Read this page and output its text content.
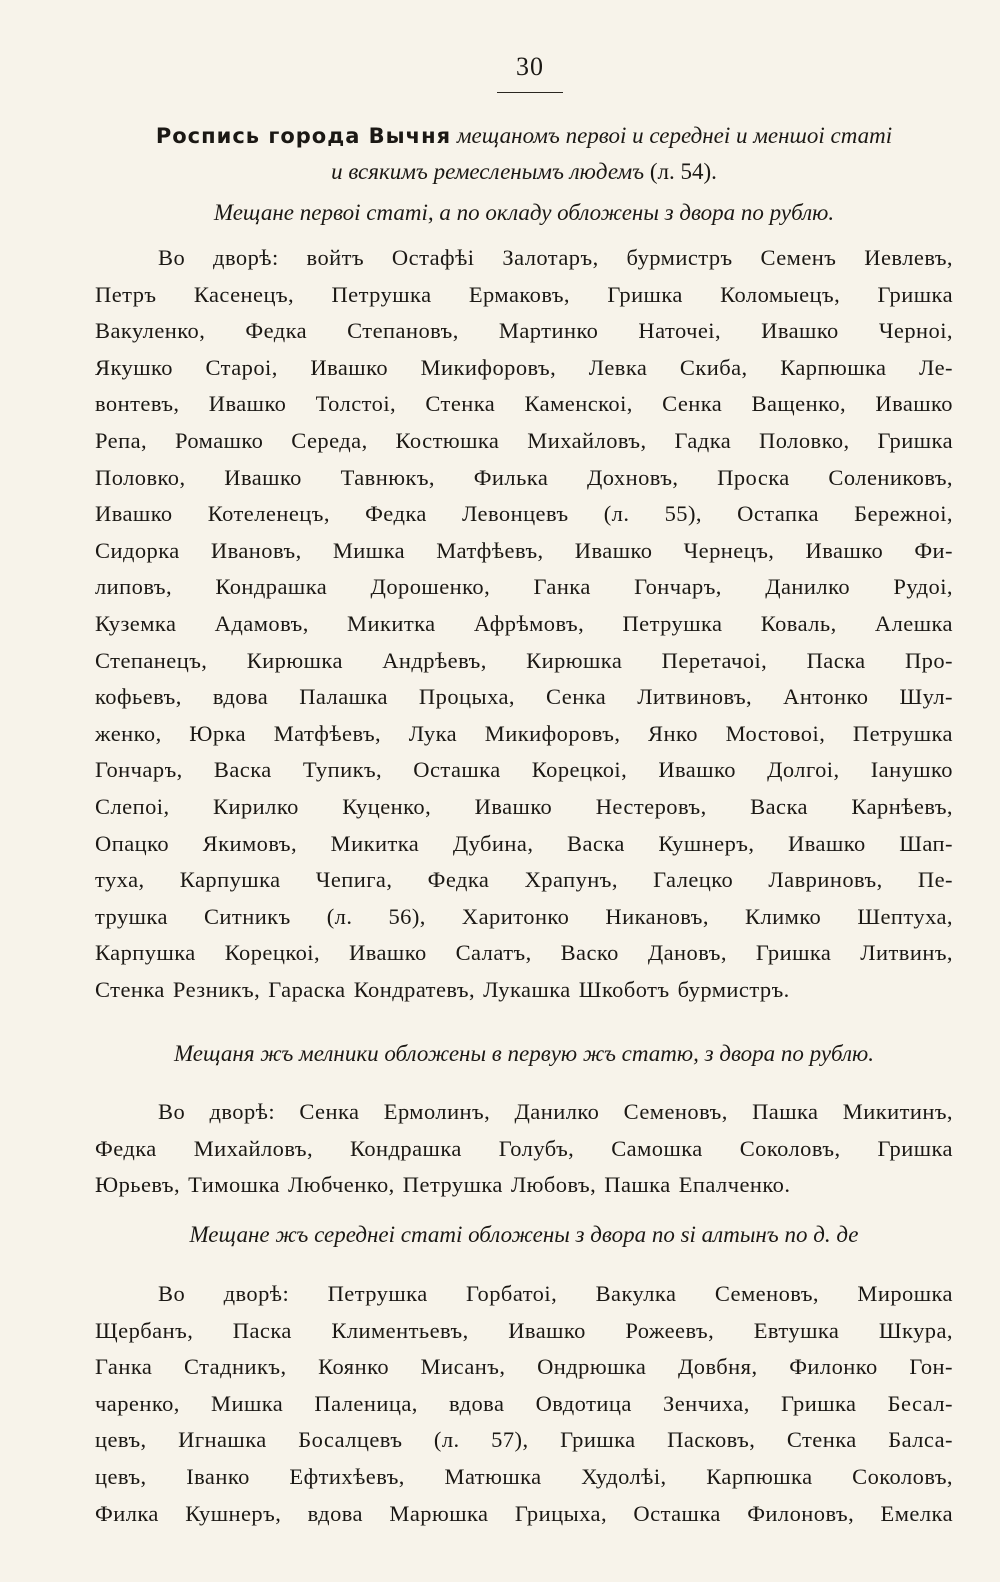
30
Роспись города Вычня мещаномъ первоі и середнеі и меншоі статі
и всякимъ ремесленымъ людемъ (л. 54).
Мещане первоі статі, а по окладу обложены з двора по рублю.
Во дворѣ: войтъ Остафѣі Залотаръ, бурмистръ Семенъ Иевлевъ,
Петръ Касенецъ, Петрушка Ермаковъ, Гришка Коломыецъ, Гришка
Вакуленко, Федка Степановъ, Мартинко Наточеі, Ивашко Черноі,
Якушко Староі, Ивашко Микифоровъ, Левка Скиба, Карпюшка Ле-
вонтевъ, Ивашко Толстоі, Стенка Каменскоі, Сенка Ващенко, Ивашко
Репа, Ромашко Середа, Костюшка Михайловъ, Гадка Половко, Гришка
Половко, Ивашко Тавнюкъ, Филька Дохновъ, Проска Солениковъ,
Ивашко Котеленецъ, Федка Левонцевъ (л. 55), Остапка Бережноі,
Сидорка Ивановъ, Мишка Матфѣевъ, Ивашко Чернецъ, Ивашко Фи-
липовъ, Кондрашка Дорошенко, Ганка Гончаръ, Данилко Рудоі,
Куземка Адамовъ, Микитка Афрѣмовъ, Петрушка Коваль, Алешка
Степанецъ, Кирюшка Андрѣевъ, Кирюшка Перетачоі, Паска Про-
кофьевъ, вдова Палашка Процыха, Сенка Литвиновъ, Антонко Шул-
женко, Юрка Матфѣевъ, Лука Микифоровъ, Янко Мостовоі, Петрушка
Гончаръ, Васка Тупикъ, Осташка Корецкоі, Ивашко Долгоі, Іанушко
Слепоі, Кирилко Куценко, Ивашко Нестеровъ, Васка Карнѣевъ,
Опацко Якимовъ, Микитка Дубина, Васка Кушнеръ, Ивашко Шап-
туха, Карпушка Чепига, Федка Храпунъ, Галецко Лавриновъ, Пе-
трушка Ситникъ (л. 56), Харитонко Никановъ, Климко Шептуха,
Карпушка Корецкоі, Ивашко Салатъ, Васко Дановъ, Гришка Литвинъ,
Стенка Резникъ, Гараска Кондратевъ, Лукашка Шкоботъ бурмистръ.
Мещаня жъ мелники обложены в первую жъ статю, з двора по рублю.
Во дворѣ: Сенка Ермолинъ, Данилко Семеновъ, Пашка Микитинъ,
Федка Михайловъ, Кондрашка Голубъ, Самошка Соколовъ, Гришка
Юрьевъ, Тимошка Любченко, Петрушка Любовъ, Пашка Епалченко.
Мещане жъ середнеі статі обложены з двора по ѕі алтынъ по д. де
Во дворѣ: Петрушка Горбатоі, Вакулка Семеновъ, Мирошка
Щербанъ, Паска Климентьевъ, Ивашко Рожеевъ, Евтушка Шкура,
Ганка Стадникъ, Коянко Мисанъ, Ондрюшка Довбня, Филонко Гон-
чаренко, Мишка Паленица, вдова Овдотица Зенчиха, Гришка Бесал-
цевъ, Игнашка Босалцевъ (л. 57), Гришка Пасковъ, Стенка Балса-
цевъ, Іванко Ефтихѣевъ, Матюшка Худолѣі, Карпюшка Соколовъ,
Филка Кушнеръ, вдова Марюшка Грицыха, Осташка Филоновъ, Емелка
